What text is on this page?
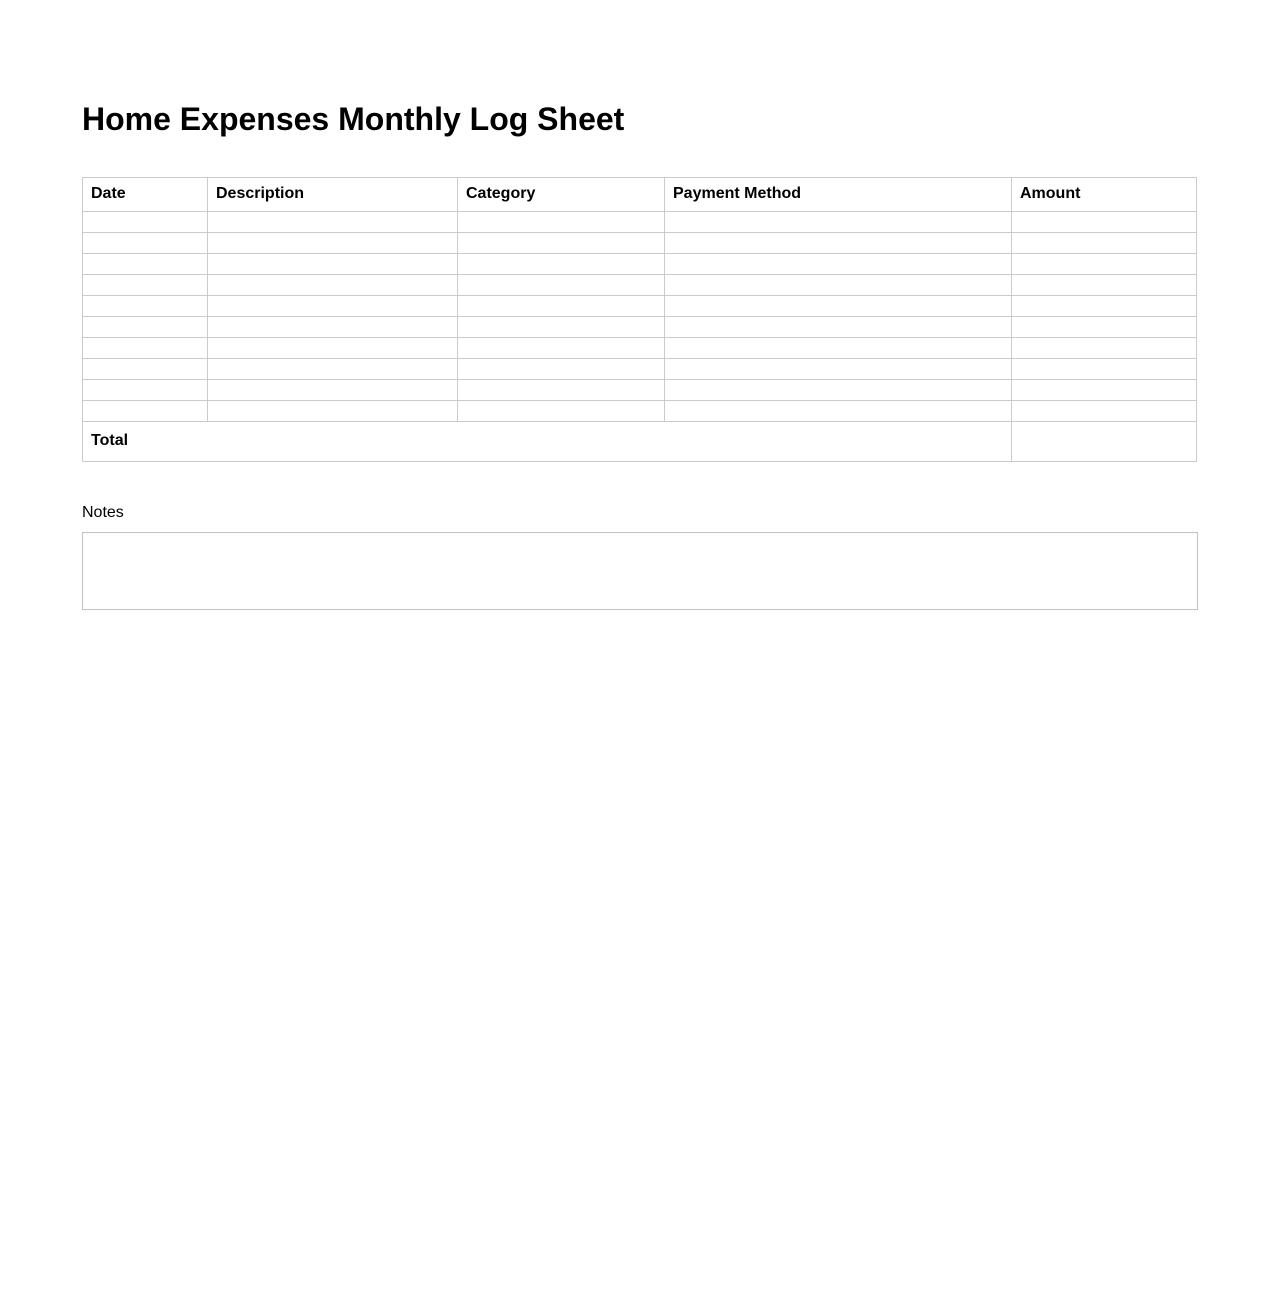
Home Expenses Monthly Log Sheet
Date	Description	Category	Payment Method	Amount

Total				
Notes
